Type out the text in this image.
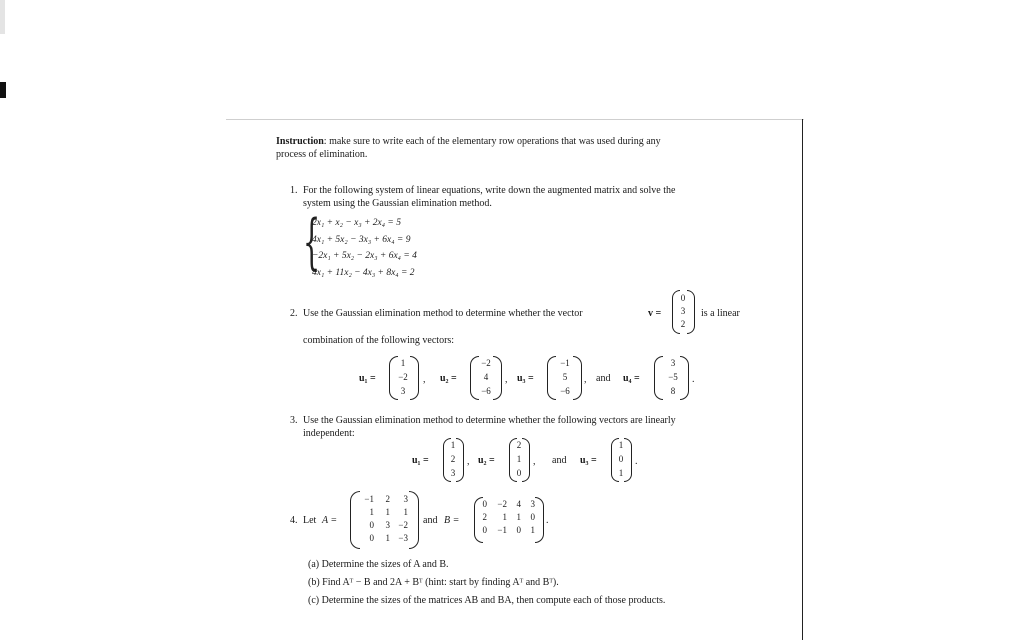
Instruction: make sure to write each of the elementary row operations that was used during any
process of elimination.
1. For the following system of linear equations, write down the augmented matrix and solve the
system using the Gaussian elimination method.
{
2x₁ + x₂ − x₃ + 2x₄ = 5
4x₁ + 5x₂ − 3x₃ + 6x₄ = 9
−2x₁ + 5x₂ − 2x₃ + 6x₄ = 4
4x₁ + 11x₂ − 4x₃ + 8x₄ = 2
2. Use the Gaussian elimination method to determine whether the vector	v =
0
3
2
is a linear
combination of the following vectors:
u₁ =
1
−2
3
, u₂ =
−2
4
−6
, u₃ =
−1
5
−6
, and u₄ =
3
−5
8
.
3. Use the Gaussian elimination method to determine whether the following vectors are linearly
independent:
u₁ =
1
2
3
, u₂ =
2
1
0
, and u₃ =
1
0
1
.
4. Let A =
−1	2	3
1	1	1
0	3 −2
0	1 −3
and B =
0	−2	4	3
2	1	1	0
0	−1	0	1
.
(a) Determine the sizes of A and B.
(b) Find Aᵀ − B and 2A + Bᵀ (hint: start by finding Aᵀ and Bᵀ).
(c) Determine the sizes of the matrices AB and BA, then compute each of those products.
